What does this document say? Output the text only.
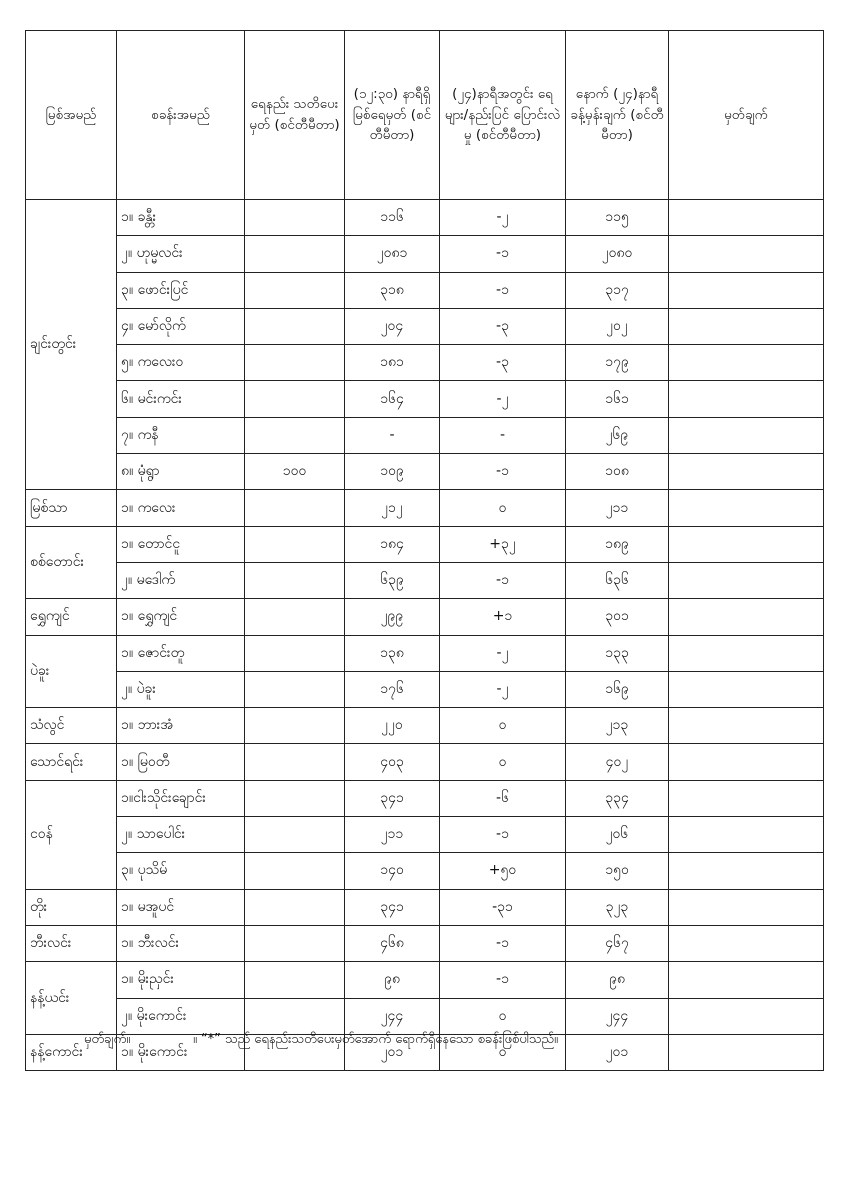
မြစ်အမည်	စခန်းအမည်	ရေနည်း သတိပေးမှတ် (စင်တီမီတာ)	(၁၂:၃၀) နာရီရှိ မြစ်ရေမှတ် (စင်တီမီတာ)	(၂၄)နာရီအတွင်း ရေများ/နည်းပြင် ပြောင်းလဲမှု (စင်တီမီတာ)	နောက် (၂၄)နာရီ ခန့်မှန်းချက် (စင်တီမီတာ)	မှတ်ချက်
ချင်းတွင်း	၁။ ခန္တီး		၁၁၆	-၂	၁၁၅	
	၂။ ဟုမ္မလင်း		၂၀၈၁	-၁	၂၀၈၀	
	၃။ ဖောင်းပြင်		၃၁၈	-၁	၃၁၇	
	၄။ မော်လိုက်		၂၀၄	-၃	၂၀၂	
	၅။ ကလေးဝ		၁၈၁	-၃	၁၇၉	
	၆။ မင်းကင်း		၁၆၄	-၂	၁၆၁	
	၇။ ကနီ		-	-	၂၆၉	
	၈။ မုံရွာ	၁၀၀	၁၀၉	-၁	၁၀၈	
မြစ်သာ	၁။ ကလေး		၂၁၂	၀	၂၁၁	
စစ်တောင်း	၁။ တောင်ငူ		၁၈၄	+၃၂	၁၈၉	
	၂။ မဒေါက်		၆၃၉	-၁	၆၃၆	
ရွှေကျင်	၁။ ရွှေကျင်		၂၉၉	+၁	၃၀၁	
ပဲခူး	၁။ ဇောင်းတူ		၁၃၈	-၂	၁၃၃	
	၂။ ပဲခူး		၁၇၆	-၂	၁၆၉	
သံလွင်	၁။ ဘားအံ		၂၂၀	၀	၂၁၃	
သောင်ရင်း	၁။ မြဝတီ		၄၀၃	၀	၄၀၂	
ငဝန်	၁။ငါးသိုင်းချောင်း		၃၄၁	-၆	၃၃၄	
	၂။ သာပေါင်း		၂၁၁	-၁	၂၀၆	
	၃။ ပုသိမ်		၁၄၀	+၅၀	၁၅၀	
တိုး	၁။ မအူပင်		၃၄၁	-၃၁	၃၂၃	
ဘီးလင်း	၁။ ဘီးလင်း		၄၆၈	-၁	၄၆၇	
နန့်ယင်း	၁။ မိုးညှင်း		၉၈	-၁	၉၈	
	၂။ မိုးကောင်း		၂၄၄	၀	၂၄၄	
နန့်ကောင်း	၁။ မိုးကောင်း		၂၀၁	၀	၂၀၁	
မှတ်ချက်။	။ “*” သည် ရေနည်းသတိပေးမှတ်အောက် ရောက်ရှိနေသော စခန်းဖြစ်ပါသည်။
